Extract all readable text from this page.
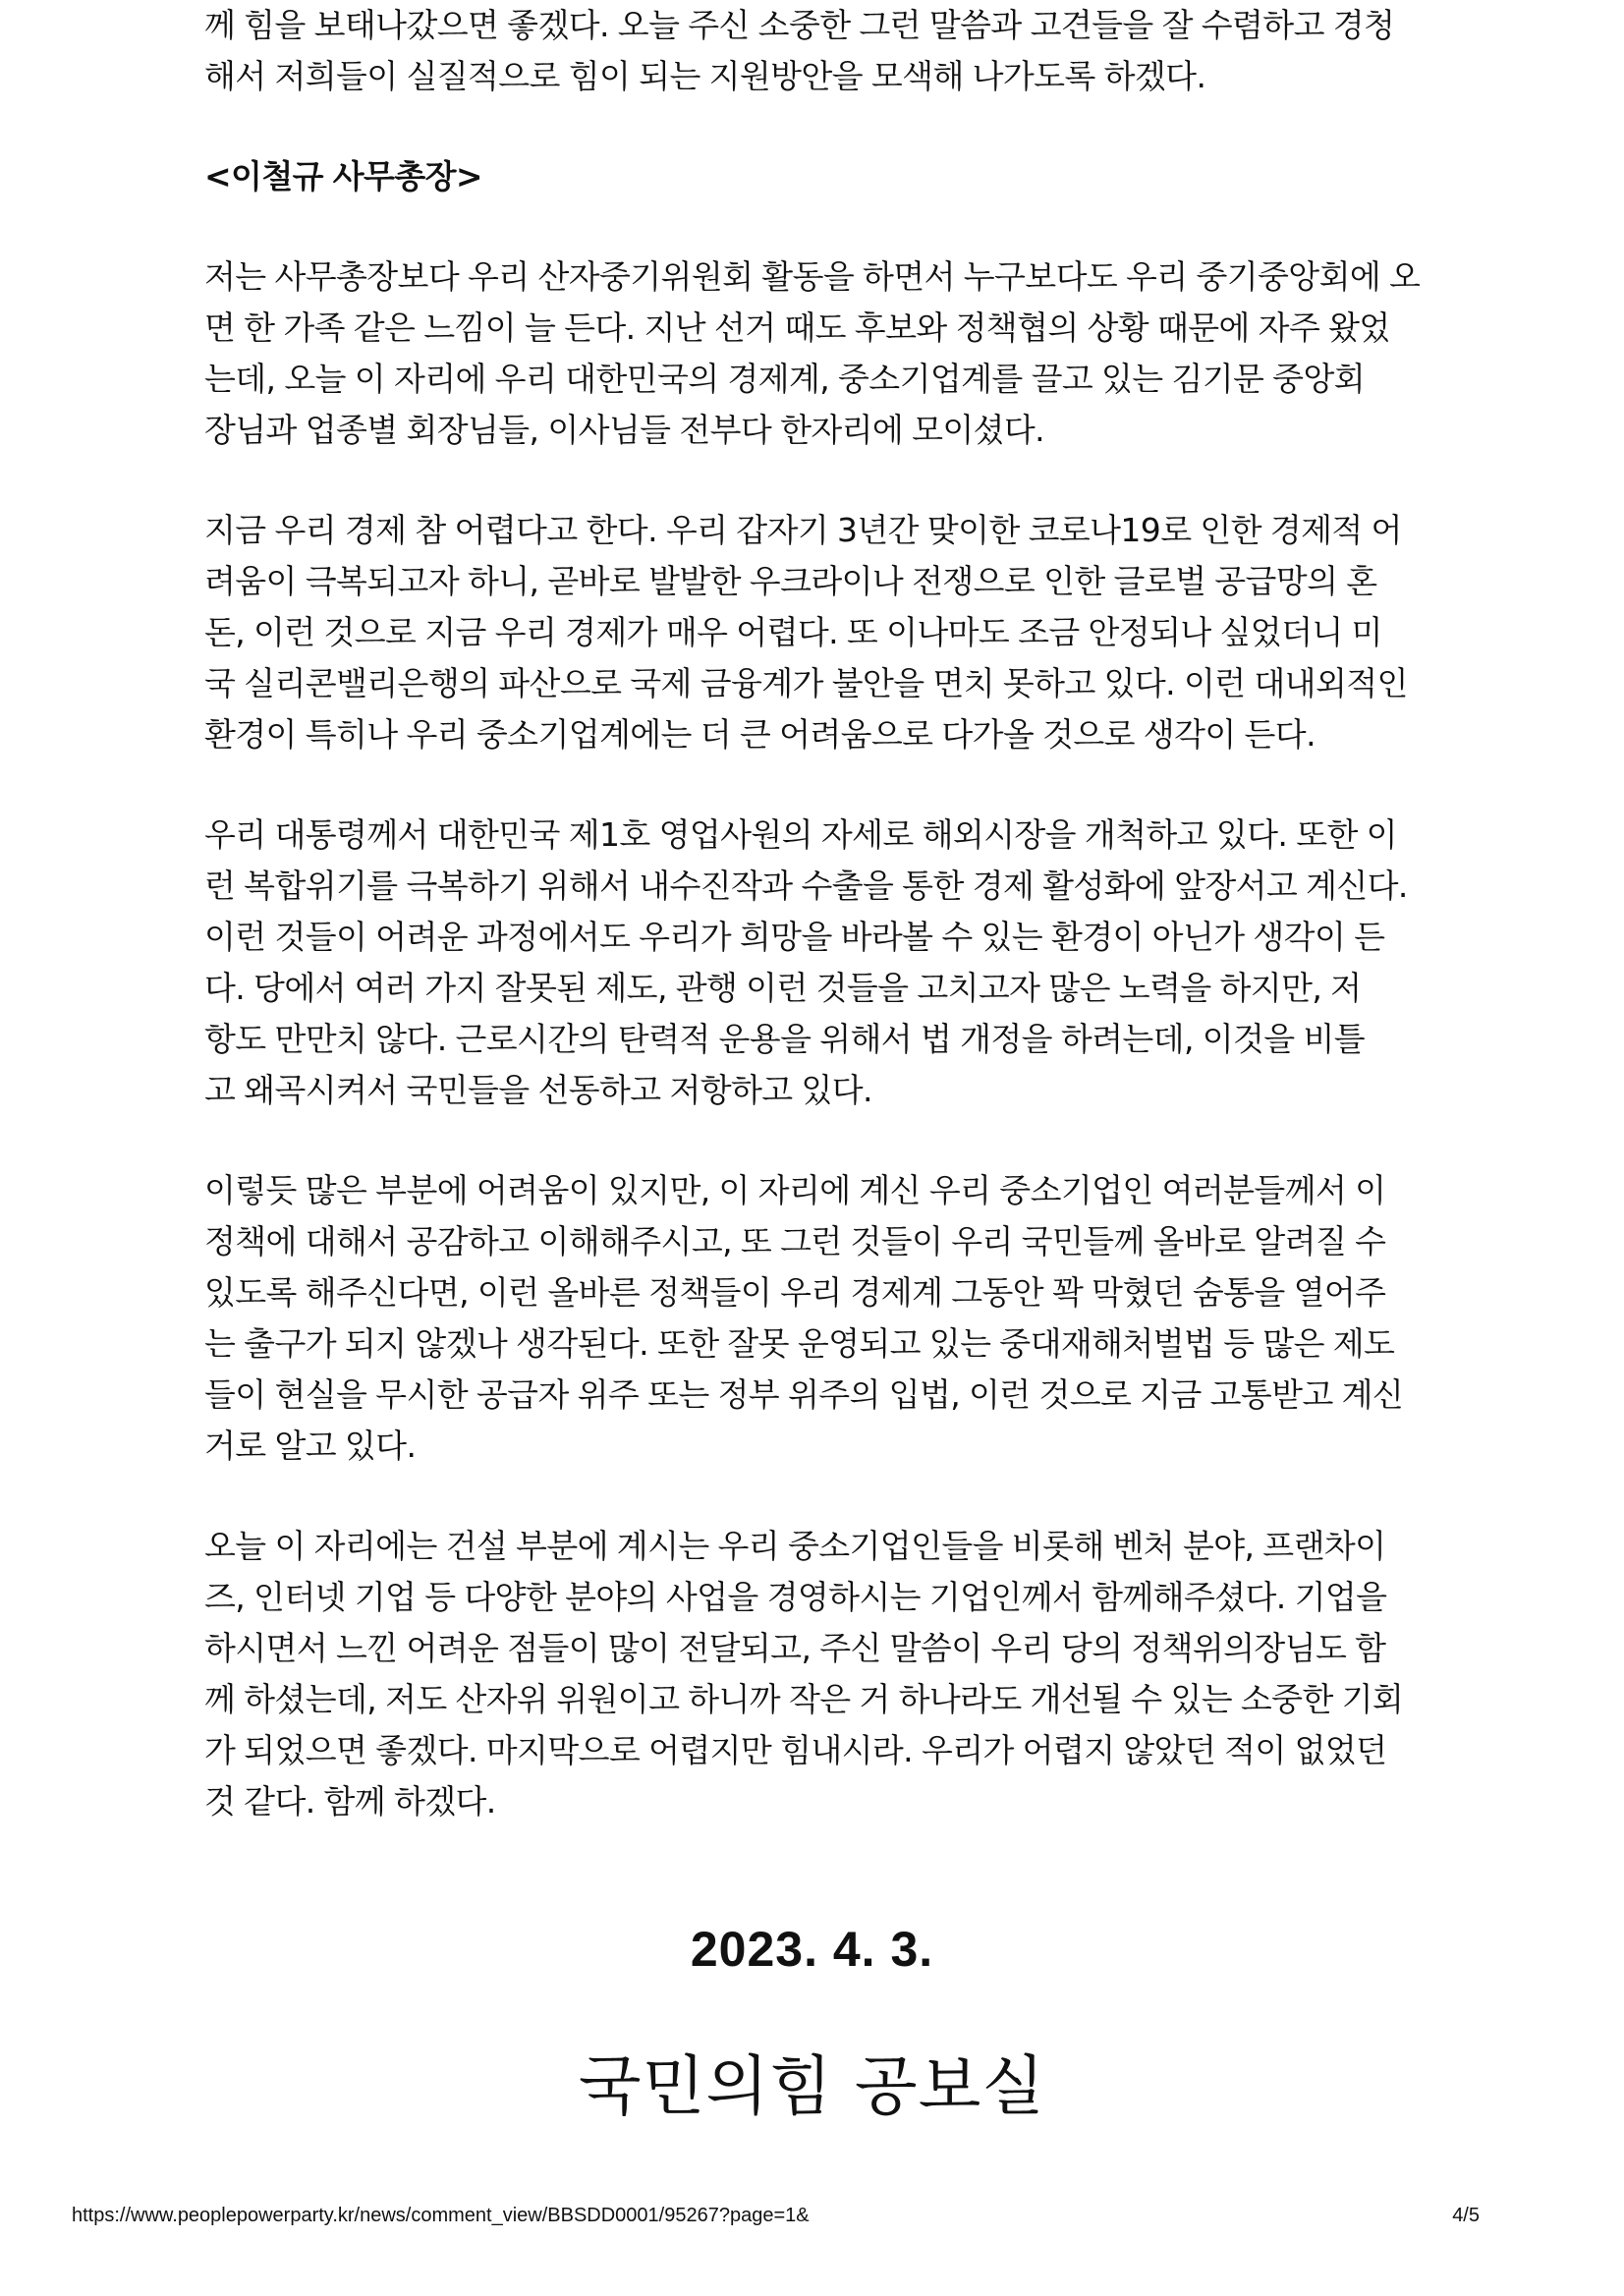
께 힘을 보태나갔으면 좋겠다. 오늘 주신 소중한 그런 말씀과 고견들을 잘 수렴하고 경청
해서 저희들이 실질적으로 힘이 되는 지원방안을 모색해 나가도록 하겠다.
<이철규 사무총장>
저는 사무총장보다 우리 산자중기위원회 활동을 하면서 누구보다도 우리 중기중앙회에 오
면 한 가족 같은 느낌이 늘 든다. 지난 선거 때도 후보와 정책협의 상황 때문에 자주 왔었
는데, 오늘 이 자리에 우리 대한민국의 경제계, 중소기업계를 끌고 있는 김기문 중앙회
장님과 업종별 회장님들, 이사님들 전부다 한자리에 모이셨다.
지금 우리 경제 참 어렵다고 한다. 우리 갑자기 3년간 맞이한 코로나19로 인한 경제적 어
려움이 극복되고자 하니, 곧바로 발발한 우크라이나 전쟁으로 인한 글로벌 공급망의 혼
돈, 이런 것으로 지금 우리 경제가 매우 어렵다. 또 이나마도 조금 안정되나 싶었더니 미
국 실리콘밸리은행의 파산으로 국제 금융계가 불안을 면치 못하고 있다. 이런 대내외적인
환경이 특히나 우리 중소기업계에는 더 큰 어려움으로 다가올 것으로 생각이 든다.
우리 대통령께서 대한민국 제1호 영업사원의 자세로 해외시장을 개척하고 있다. 또한 이
런 복합위기를 극복하기 위해서 내수진작과 수출을 통한 경제 활성화에 앞장서고 계신다.
이런 것들이 어려운 과정에서도 우리가 희망을 바라볼 수 있는 환경이 아닌가 생각이 든
다. 당에서 여러 가지 잘못된 제도, 관행 이런 것들을 고치고자 많은 노력을 하지만, 저
항도 만만치 않다. 근로시간의 탄력적 운용을 위해서 법 개정을 하려는데, 이것을 비틀
고 왜곡시켜서 국민들을 선동하고 저항하고 있다.
이렇듯 많은 부분에 어려움이 있지만, 이 자리에 계신 우리 중소기업인 여러분들께서 이
정책에 대해서 공감하고 이해해주시고, 또 그런 것들이 우리 국민들께 올바로 알려질 수
있도록 해주신다면, 이런 올바른 정책들이 우리 경제계 그동안 꽉 막혔던 숨통을 열어주
는 출구가 되지 않겠나 생각된다. 또한 잘못 운영되고 있는 중대재해처벌법 등 많은 제도
들이 현실을 무시한 공급자 위주 또는 정부 위주의 입법, 이런 것으로 지금 고통받고 계신
거로 알고 있다.
오늘 이 자리에는 건설 부분에 계시는 우리 중소기업인들을 비롯해 벤처 분야, 프랜차이
즈, 인터넷 기업 등 다양한 분야의 사업을 경영하시는 기업인께서 함께해주셨다. 기업을
하시면서 느낀 어려운 점들이 많이 전달되고, 주신 말씀이 우리 당의 정책위의장님도 함
께 하셨는데, 저도 산자위 위원이고 하니까 작은 거 하나라도 개선될 수 있는 소중한 기회
가 되었으면 좋겠다. 마지막으로 어렵지만 힘내시라. 우리가 어렵지 않았던 적이 없었던
것 같다. 함께 하겠다.
2023. 4. 3.
국민의힘 공보실
https://www.peoplepowerparty.kr/news/comment_view/BBSDD0001/95267?page=1&	4/5
